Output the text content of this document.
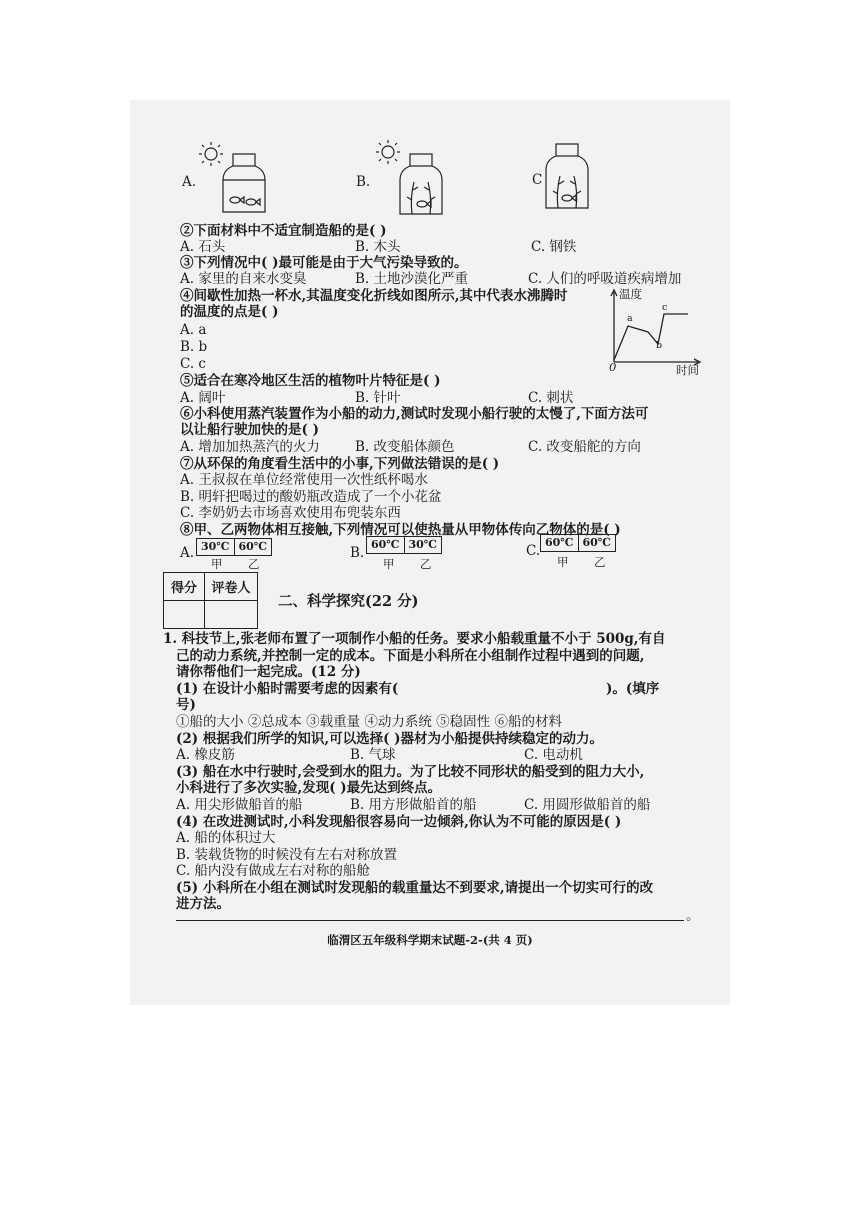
A.	B.	C
②下面材料中不适宜制造船的是( )
A. 石头	B. 木头	C. 钢铁
③下列情况中( )最可能是由于大气污染导致的。
A. 家里的自来水变臭	B. 土地沙漠化严重	C. 人们的呼吸道疾病增加
④间歇性加热一杯水,其温度变化折线如图所示,其中代表水沸腾时
的温度的点是( )
A. a
B. b
C. c
温度
时间
0
a
b
c
⑤适合在寒冷地区生活的植物叶片特征是( )
A. 阔叶	B. 针叶	C. 刺状
⑥小科使用蒸汽装置作为小船的动力,测试时发现小船行驶的太慢了,下面方法可
以让船行驶加快的是( )
A. 增加加热蒸汽的火力	B. 改变船体颜色	C. 改变船舵的方向
⑦从环保的角度看生活中的小事,下列做法错误的是( )
A. 王叔叔在单位经常使用一次性纸杯喝水
B. 明轩把喝过的酸奶瓶改造成了一个小花盆
C. 李奶奶去市场喜欢使用布兜装东西
⑧甲、乙两物体相互接触,下列情况可以使热量从甲物体传向乙物体的是( )
A. 30℃ 60℃
甲 乙
B.
60℃ 30℃
甲 乙
C.
60℃ 60℃
甲 乙
得分	评卷人

二、科学探究(22 分)
1. 科技节上,张老师布置了一项制作小船的任务。要求小船载重量不小于 500g,有自
己的动力系统,并控制一定的成本。下面是小科所在小组制作过程中遇到的问题,
请你帮他们一起完成。(12 分)
(1) 在设计小船时需要考虑的因素有(	)。(填序
号)
①船的大小 ②总成本 ③载重量 ④动力系统 ⑤稳固性 ⑥船的材料
(2) 根据我们所学的知识,可以选择( )器材为小船提供持续稳定的动力。
A. 橡皮筋	B. 气球	C. 电动机
(3) 船在水中行驶时,会受到水的阻力。为了比较不同形状的船受到的阻力大小,
小科进行了多次实验,发现( )最先达到终点。
A. 用尖形做船首的船	B. 用方形做船首的船	C. 用圆形做船首的船
(4) 在改进测试时,小科发现船很容易向一边倾斜,你认为不可能的原因是( )
A. 船的体积过大
B. 装载货物的时候没有左右对称放置
C. 船内没有做成左右对称的船舱
(5) 小科所在小组在测试时发现船的载重量达不到要求,请提出一个切实可行的改
进方法。
。
临渭区五年级科学期末试题-2-(共 4 页)
